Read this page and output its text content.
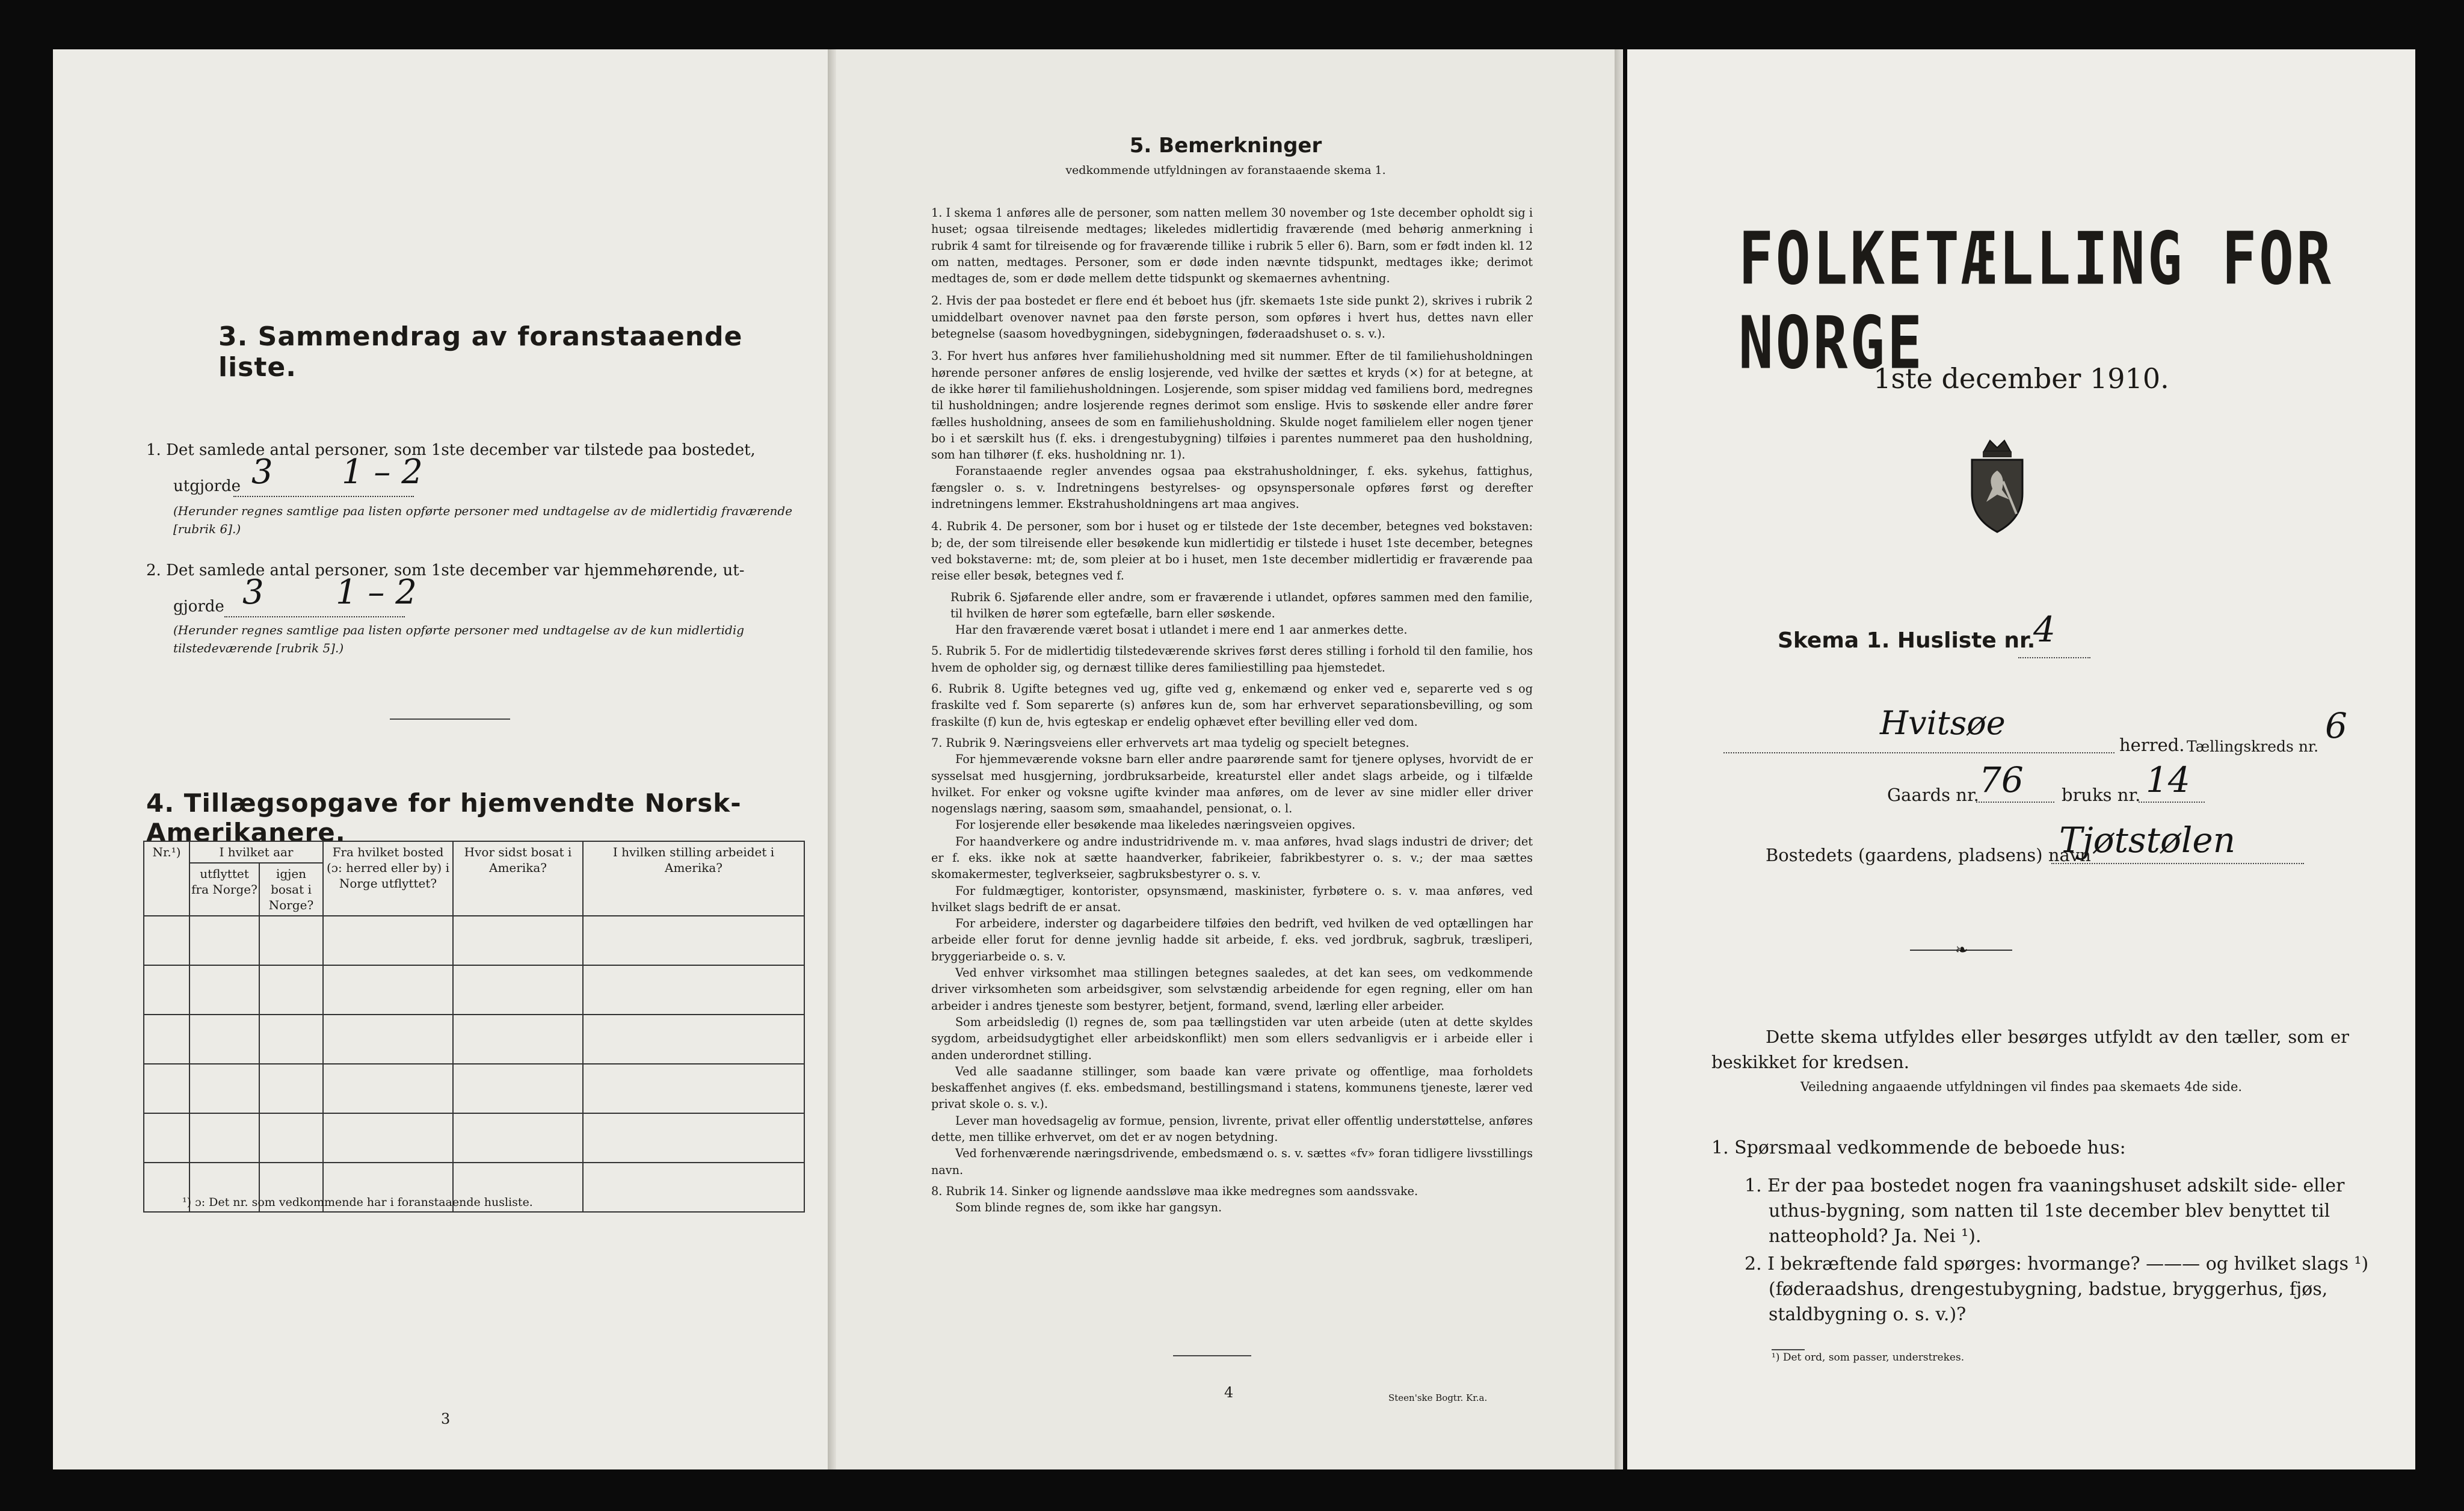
3. Sammendrag av foranstaaende liste.
1. Det samlede antal personer, som 1ste december var tilstede paa bostedet,
utgjorde 3 1 – 2
(Herunder regnes samtlige paa listen opførte personer med undtagelse av de midlertidig fraværende [rubrik 6].)
2. Det samlede antal personer, som 1ste december var hjemmehørende, ut-
gjorde 3 1 – 2
(Herunder regnes samtlige paa listen opførte personer med undtagelse av de kun midlertidig tilstedeværende [rubrik 5].)
4. Tillægsopgave for hjemvendte Norsk-Amerikanere.
Nr.¹)	I hvilket aar		Fra hvilket bosted (ɔ: herred eller by) i Norge utflyttet?	Hvor sidst bosat i Amerika?	I hvilken stilling arbeidet i Amerika?
	utflyttet fra Norge?	igjen bosat i Norge?			

¹) ɔ: Det nr. som vedkommende har i foranstaaende husliste.
3
5. Bemerkninger
vedkommende utfyldningen av foranstaaende skema 1.

1. I skema 1 anføres alle de personer, som natten mellem 30 november og 1ste december opholdt sig i huset; ogsaa tilreisende medtages; likeledes midlertidig fraværende (med behørig anmerkning i rubrik 4 samt for tilreisende og for fraværende tillike i rubrik 5 eller 6). Barn, som er født inden kl. 12 om natten, medtages. Personer, som er døde inden nævnte tidspunkt, medtages ikke; derimot medtages de, som er døde mellem dette tidspunkt og skemaernes avhentning.

2. Hvis der paa bostedet er flere end ét beboet hus (jfr. skemaets 1ste side punkt 2), skrives i rubrik 2 umiddelbart ovenover navnet paa den første person, som opføres i hvert hus, dettes navn eller betegnelse (saasom hovedbygningen, sidebygningen, føderaadshuset o. s. v.).

3. For hvert hus anføres hver familiehusholdning med sit nummer. Efter de til familiehusholdningen hørende personer anføres de enslig losjerende, ved hvilke der sættes et kryds (×) for at betegne, at de ikke hører til familiehusholdningen. Losjerende, som spiser middag ved familiens bord, medregnes til husholdningen; andre losjerende regnes derimot som enslige. Hvis to søskende eller andre fører fælles husholdning, ansees de som en familiehusholdning. Skulde noget familielem eller nogen tjener bo i et særskilt hus (f. eks. i drengestubygning) tilføies i parentes nummeret paa den husholdning, som han tilhører (f. eks. husholdning nr. 1).

Foranstaaende regler anvendes ogsaa paa ekstrahusholdninger, f. eks. sykehus, fattighus, fængsler o. s. v. Indretningens bestyrelses- og opsynspersonale opføres først og derefter indretningens lemmer. Ekstrahusholdningens art maa angives.

4. Rubrik 4. De personer, som bor i huset og er tilstede der 1ste december, betegnes ved bokstaven: b; de, der som tilreisende eller besøkende kun midlertidig er tilstede i huset 1ste december, betegnes ved bokstaverne: mt; de, som pleier at bo i huset, men 1ste december midlertidig er fraværende paa reise eller besøk, betegnes ved f.

Rubrik 6. Sjøfarende eller andre, som er fraværende i utlandet, opføres sammen med den familie, til hvilken de hører som egtefælle, barn eller søskende.

Har den fraværende været bosat i utlandet i mere end 1 aar anmerkes dette.

5. Rubrik 5. For de midlertidig tilstedeværende skrives først deres stilling i forhold til den familie, hos hvem de opholder sig, og dernæst tillike deres familiestilling paa hjemstedet.

6. Rubrik 8. Ugifte betegnes ved ug, gifte ved g, enkemænd og enker ved e, separerte ved s og fraskilte ved f. Som separerte (s) anføres kun de, som har erhvervet separationsbevilling, og som fraskilte (f) kun de, hvis egteskap er endelig ophævet efter bevilling eller ved dom.

7. Rubrik 9. Næringsveiens eller erhvervets art maa tydelig og specielt betegnes.

For hjemmeværende voksne barn eller andre paarørende samt for tjenere oplyses, hvorvidt de er sysselsat med husgjerning, jordbruksarbeide, kreaturstel eller andet slags arbeide, og i tilfælde hvilket. For enker og voksne ugifte kvinder maa anføres, om de lever av sine midler eller driver nogenslags næring, saasom søm, smaahandel, pensionat, o. l.

For losjerende eller besøkende maa likeledes næringsveien opgives.

For haandverkere og andre industridrivende m. v. maa anføres, hvad slags industri de driver; det er f. eks. ikke nok at sætte haandverker, fabrikeier, fabrikbestyrer o. s. v.; der maa sættes skomakermester, teglverkseier, sagbruksbestyrer o. s. v.

For fuldmægtiger, kontorister, opsynsmænd, maskinister, fyrbøtere o. s. v. maa anføres, ved hvilket slags bedrift de er ansat.

For arbeidere, inderster og dagarbeidere tilføies den bedrift, ved hvilken de ved optællingen har arbeide eller forut for denne jevnlig hadde sit arbeide, f. eks. ved jordbruk, sagbruk, træsliperi, bryggeriarbeide o. s. v.

Ved enhver virksomhet maa stillingen betegnes saaledes, at det kan sees, om vedkommende driver virksomheten som arbeidsgiver, som selvstændig arbeidende for egen regning, eller om han arbeider i andres tjeneste som bestyrer, betjent, formand, svend, lærling eller arbeider.

Som arbeidsledig (l) regnes de, som paa tællingstiden var uten arbeide (uten at dette skyldes sygdom, arbeidsudygtighet eller arbeidskonflikt) men som ellers sedvanligvis er i arbeide eller i anden underordnet stilling.

Ved alle saadanne stillinger, som baade kan være private og offentlige, maa forholdets beskaffenhet angives (f. eks. embedsmand, bestillingsmand i statens, kommunens tjeneste, lærer ved privat skole o. s. v.).

Lever man hovedsagelig av formue, pension, livrente, privat eller offentlig understøttelse, anføres dette, men tillike erhvervet, om det er av nogen betydning.

Ved forhenværende næringsdrivende, embedsmænd o. s. v. sættes «fv» foran tidligere livsstillings navn.

8. Rubrik 14. Sinker og lignende aandssløve maa ikke medregnes som aandssvake.

Som blinde regnes de, som ikke har gangsyn.

4	Steen'ske Bogtr. Kr.a.
FOLKETÆLLING FOR NORGE
1ste december 1910.
Skema 1. Husliste nr.
4
Hvitsøe
herred. Tællingskreds nr.
6
Gaards nr. 76 bruks nr. 14
Bostedets (gaardens, pladsens) navn
Tjøtstølen
❧
Dette skema utfyldes eller besørges utfyldt av den tæller, som er beskikket for kredsen.
Veiledning angaaende utfyldningen vil findes paa skemaets 4de side.
1. Spørsmaal vedkommende de beboede hus:
1. Er der paa bostedet nogen fra vaaningshuset adskilt side- eller uthus-bygning, som natten til 1ste december blev benyttet til natteophold? Ja. Nei ¹).
2. I bekræftende fald spørges: hvormange? ——— og hvilket slags ¹) (føderaadshus, drengestubygning, badstue, bryggerhus, fjøs, staldbygning o. s. v.)?
¹) Det ord, som passer, understrekes.
